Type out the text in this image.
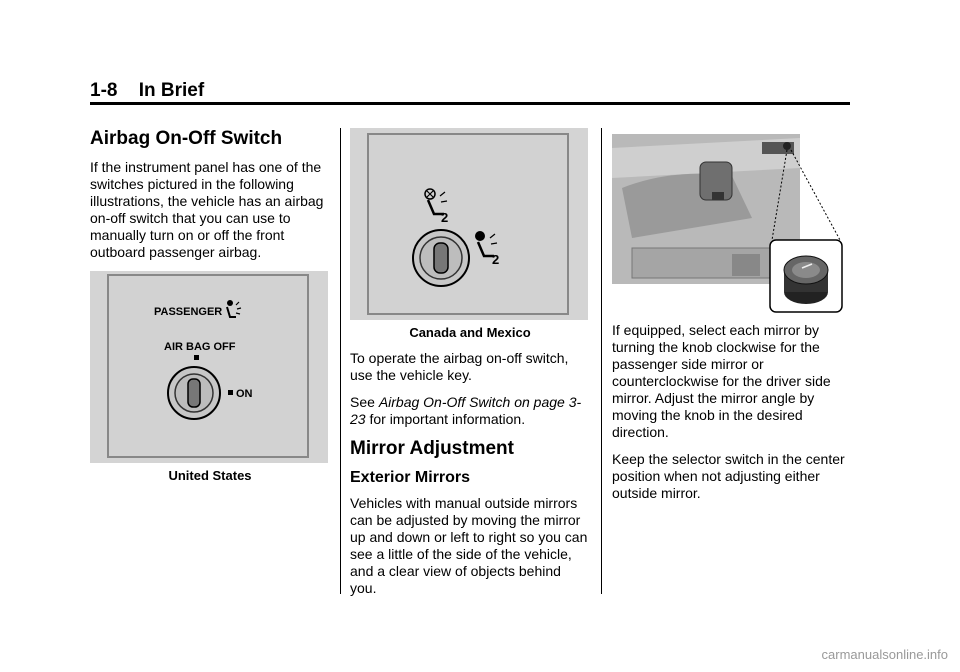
1-8 In Brief
Airbag On-Off Switch

If the instrument panel has one of the switches pictured in the following illustrations, the vehicle has an airbag on-off switch that you can use to manually turn on or off the front outboard passenger airbag.

PASSENGER
AIR BAG OFF
ON
United States
2
2
Canada and Mexico

To operate the airbag on-off switch, use the vehicle key.

See Airbag On-Off Switch on page 3-23 for important information.

Mirror Adjustment
Exterior Mirrors

Vehicles with manual outside mirrors can be adjusted by moving the mirror up and down or left to right so you can see a little of the side of the vehicle, and a clear view of objects behind you.

If equipped, select each mirror by turning the knob clockwise for the passenger side mirror or counterclockwise for the driver side mirror. Adjust the mirror angle by moving the knob in the desired direction.

Keep the selector switch in the center position when not adjusting either outside mirror.

carmanualsonline.info
